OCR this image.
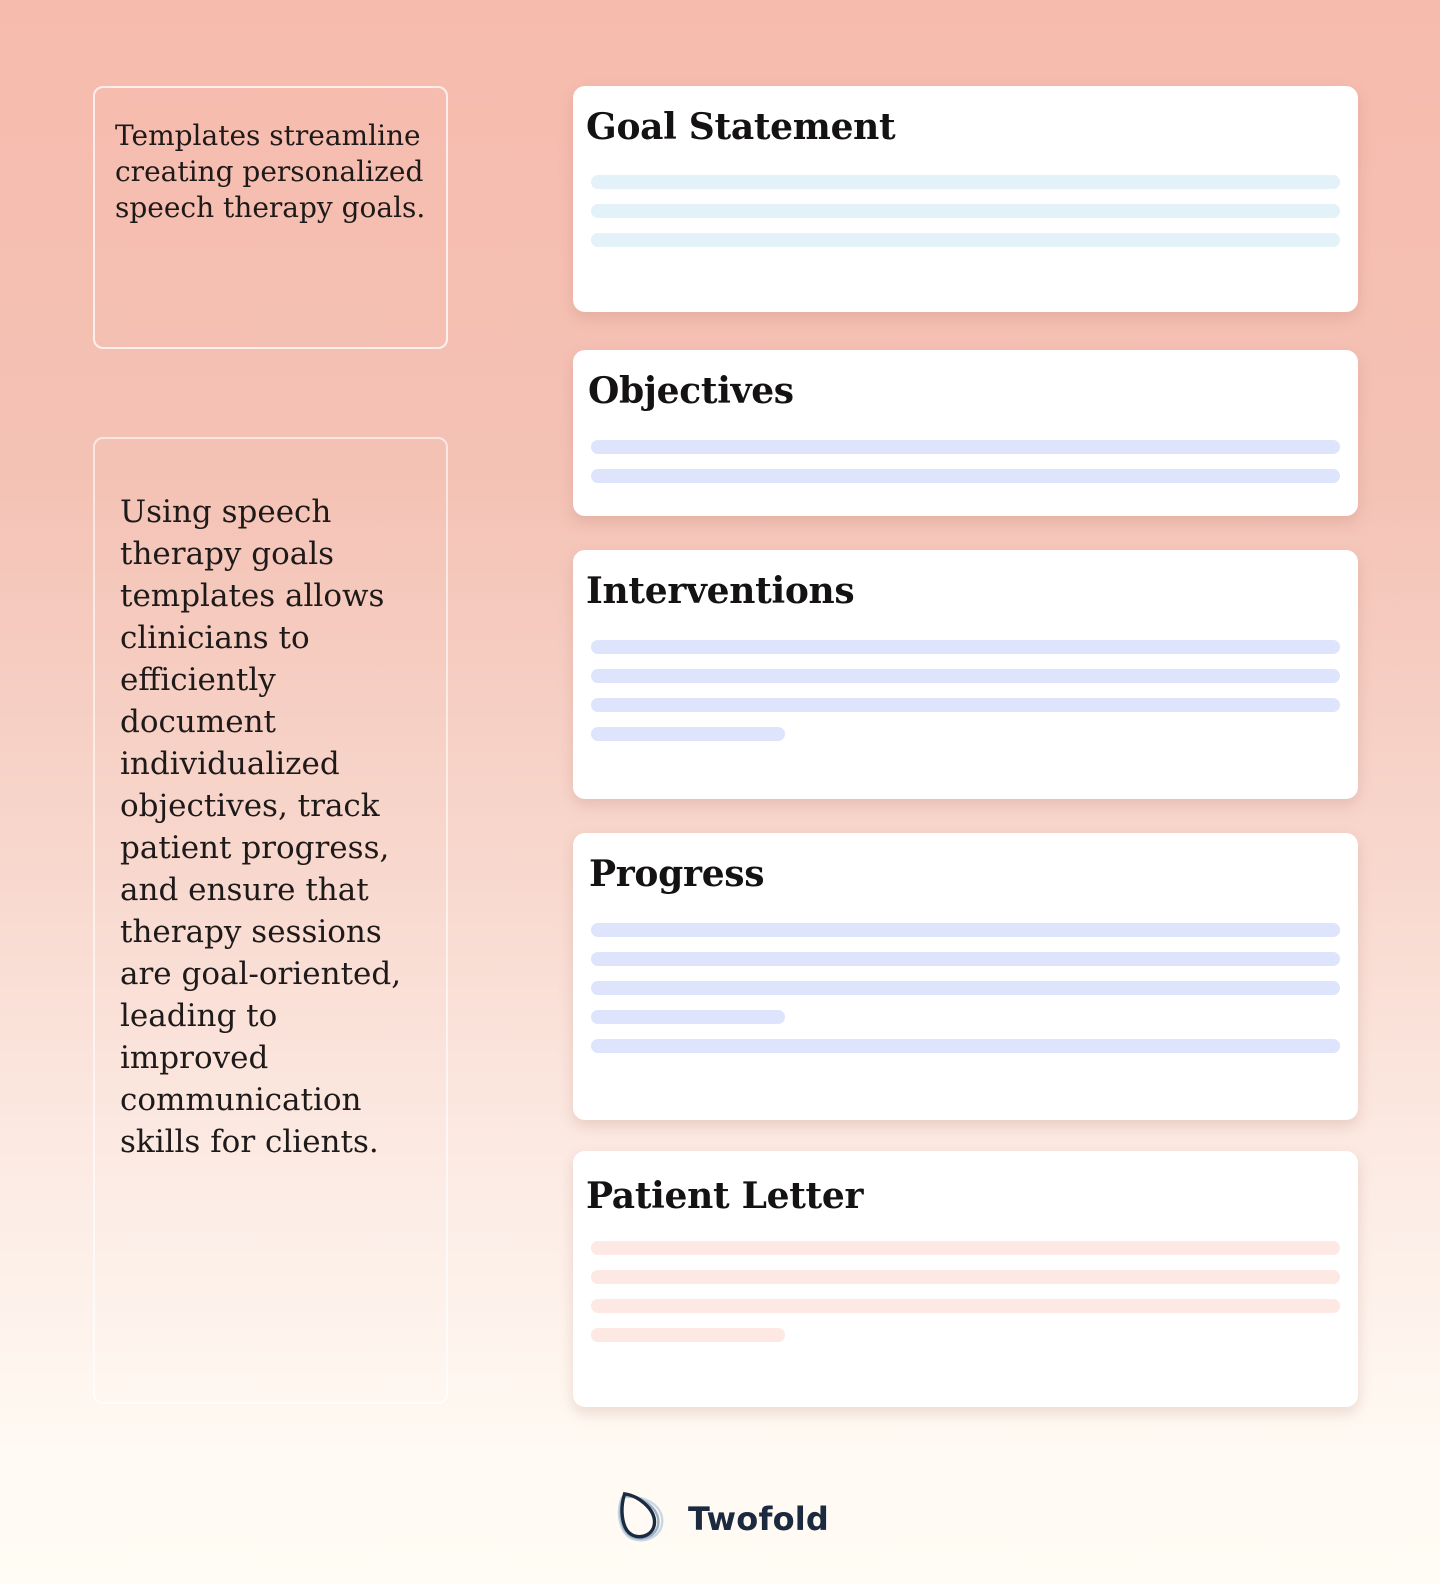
Templates streamline creating personalized speech therapy goals.
Using speech therapy goals templates allows clinicians to efficiently document individualized objectives, track patient progress, and ensure that therapy sessions are goal-oriented, leading to improved communication skills for clients.
Goal Statement
Objectives
Interventions
Progress
Patient Letter
Twofold
